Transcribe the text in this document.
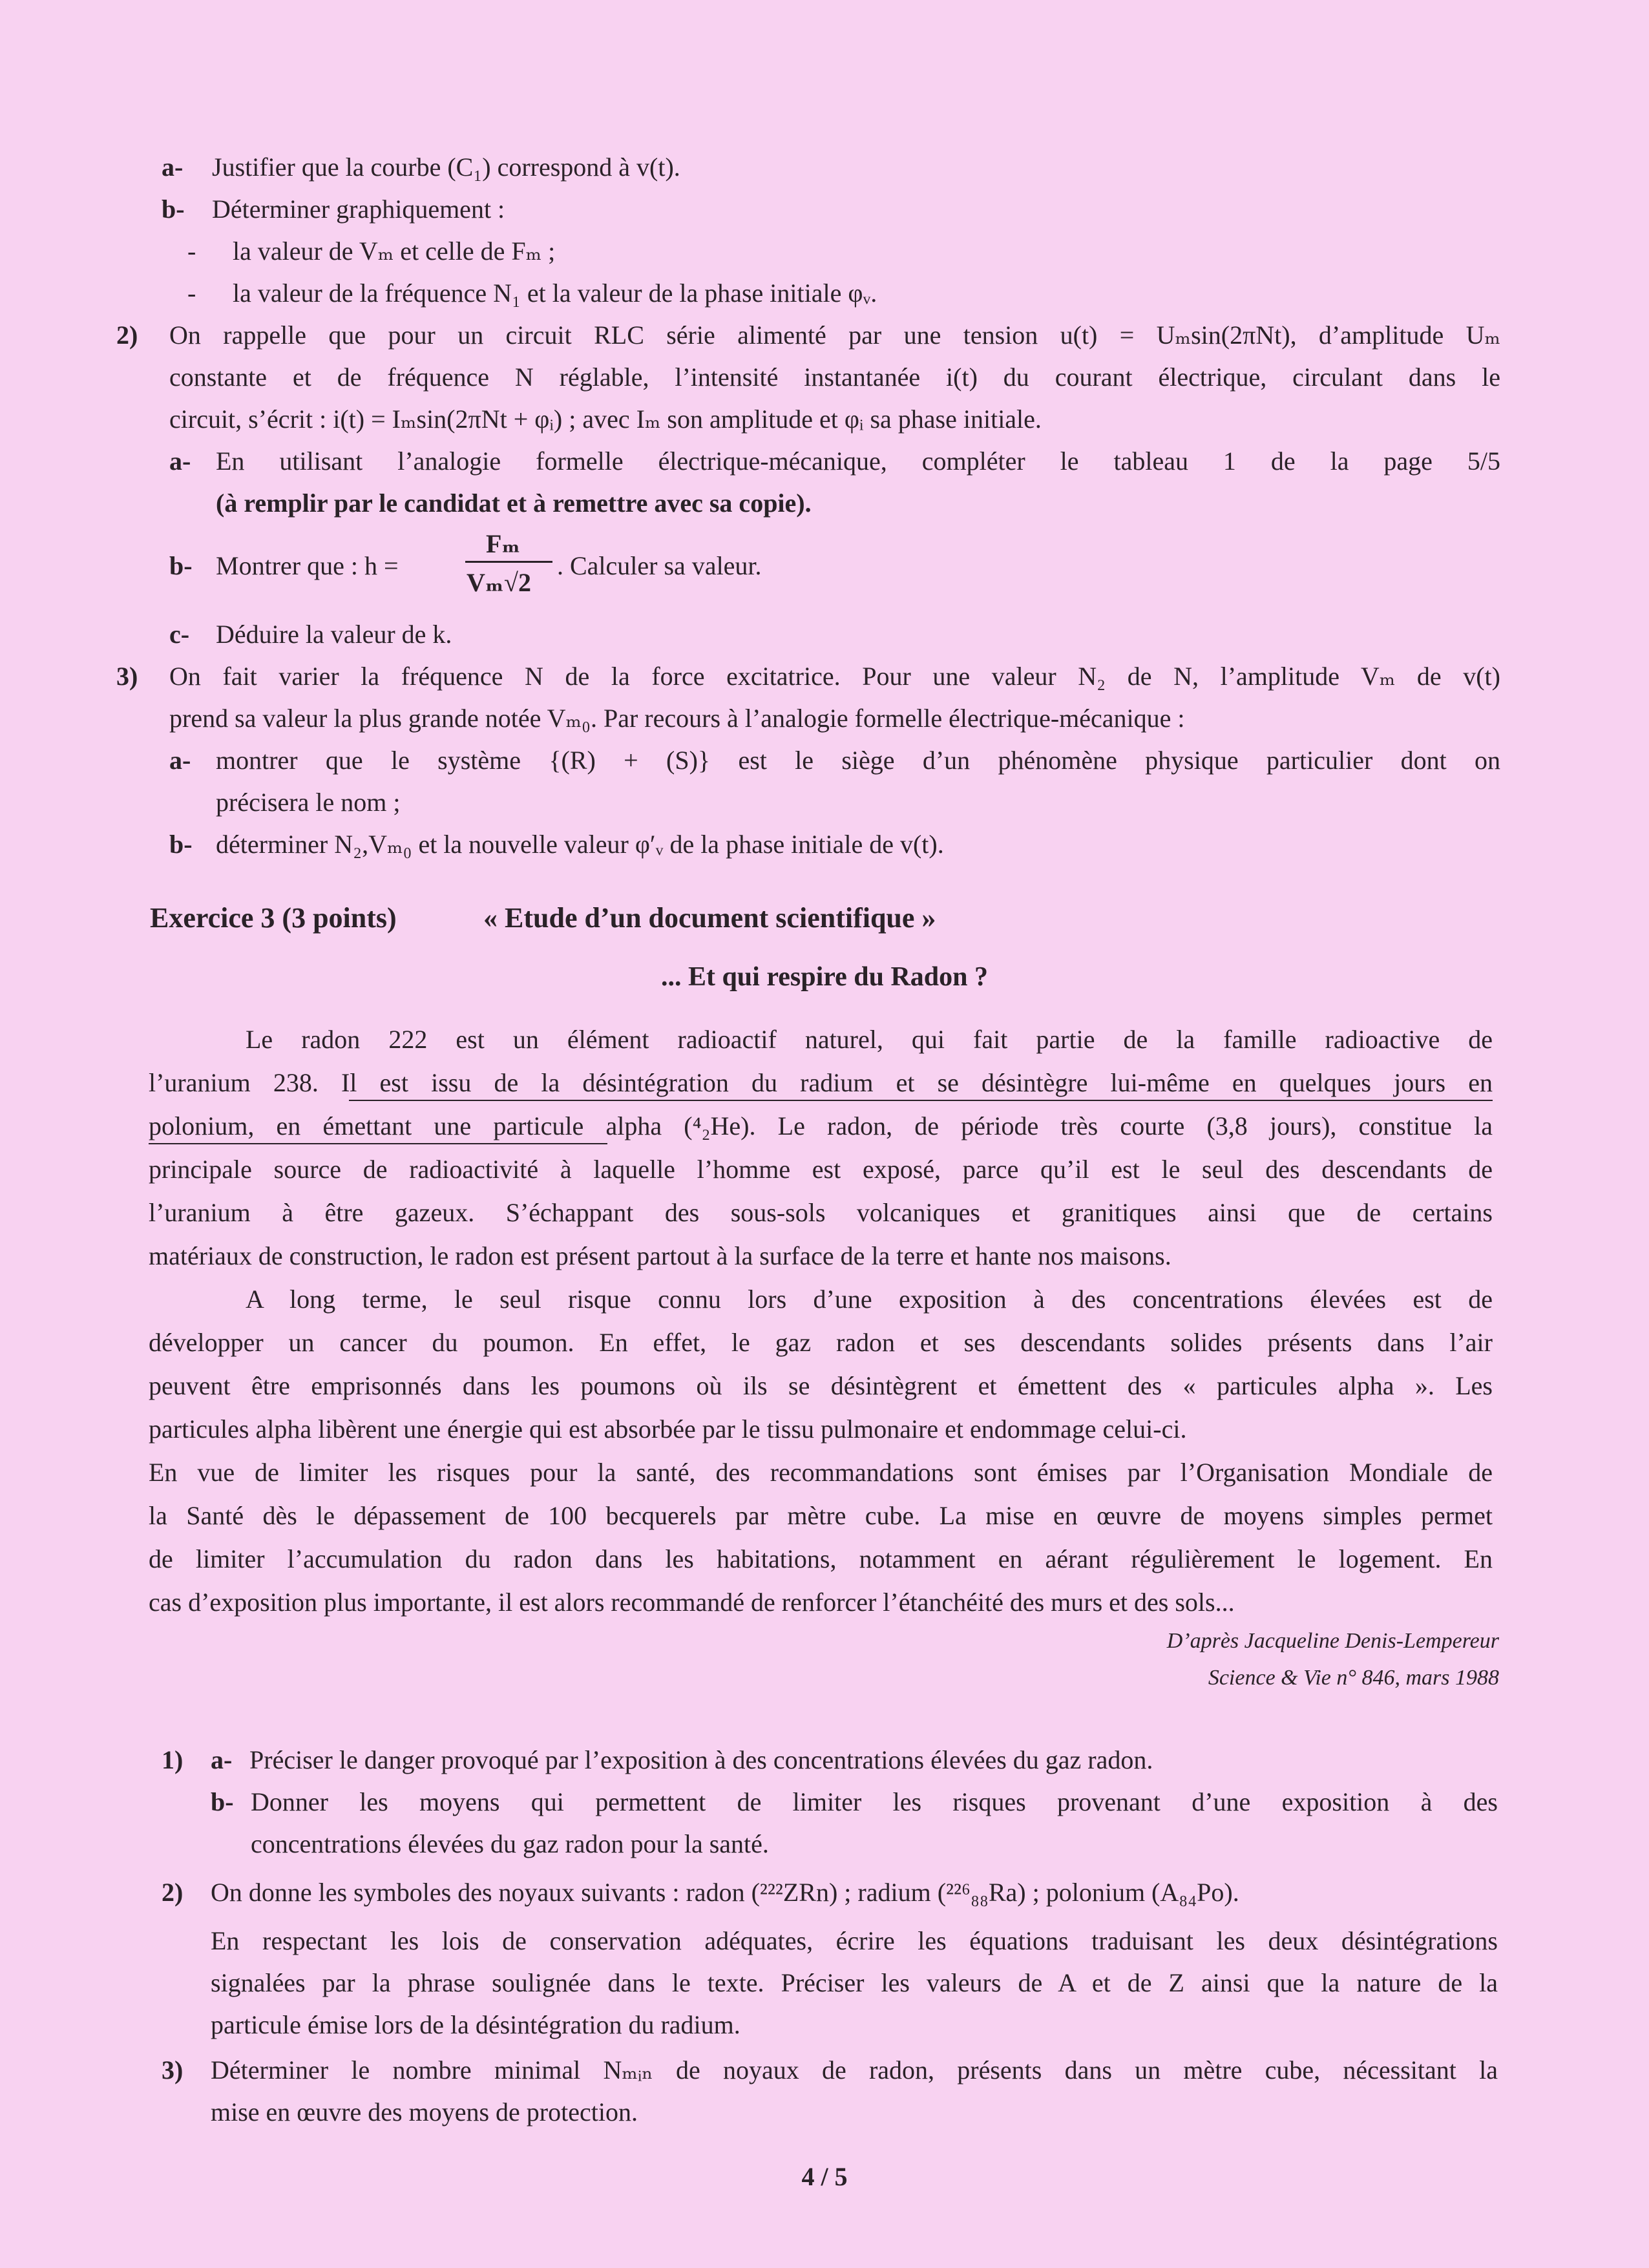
a- Justifier que la courbe (C₁) correspond à v(t).
b- Déterminer graphiquement :
- la valeur de Vₘ et celle de Fₘ ;
- la valeur de la fréquence N₁ et la valeur de la phase initiale φᵥ.
2) On rappelle que pour un circuit RLC série alimenté par une tension u(t) = Uₘsin(2πNt), d’amplitude Uₘ
constante et de fréquence N réglable, l’intensité instantanée i(t) du courant électrique, circulant dans le
circuit, s’écrit : i(t) = Iₘsin(2πNt + φᵢ) ; avec Iₘ son amplitude et φᵢ sa phase initiale.
a- En utilisant l’analogie formelle électrique-mécanique, compléter le tableau 1 de la page 5/5
(à remplir par le candidat et à remettre avec sa copie).
b- Montrer que : h =
Fₘ
Vₘ√2
. Calculer sa valeur.
c- Déduire la valeur de k.
3) On fait varier la fréquence N de la force excitatrice. Pour une valeur N₂ de N, l’amplitude Vₘ de v(t)
prend sa valeur la plus grande notée Vₘ₀. Par recours à l’analogie formelle électrique-mécanique :
a- montrer que le système {(R) + (S)} est le siège d’un phénomène physique particulier dont on
précisera le nom ;
b- déterminer N₂,Vₘ₀ et la nouvelle valeur φ′ᵥ de la phase initiale de v(t).
Exercice 3 (3 points)	« Etude d’un document scientifique »
... Et qui respire du Radon ?
Le radon 222 est un élément radioactif naturel, qui fait partie de la famille radioactive de
l’uranium 238. Il est issu de la désintégration du radium et se désintègre lui-même en quelques jours en
polonium, en émettant une particule alpha (⁴₂He). Le radon, de période très courte (3,8 jours), constitue la
principale source de radioactivité à laquelle l’homme est exposé, parce qu’il est le seul des descendants de
l’uranium à être gazeux. S’échappant des sous-sols volcaniques et granitiques ainsi que de certains
matériaux de construction, le radon est présent partout à la surface de la terre et hante nos maisons.
A long terme, le seul risque connu lors d’une exposition à des concentrations élevées est de
développer un cancer du poumon. En effet, le gaz radon et ses descendants solides présents dans l’air
peuvent être emprisonnés dans les poumons où ils se désintègrent et émettent des « particules alpha ». Les
particules alpha libèrent une énergie qui est absorbée par le tissu pulmonaire et endommage celui-ci.
En vue de limiter les risques pour la santé, des recommandations sont émises par l’Organisation Mondiale de
la Santé dès le dépassement de 100 becquerels par mètre cube. La mise en œuvre de moyens simples permet
de limiter l’accumulation du radon dans les habitations, notamment en aérant régulièrement le logement. En
cas d’exposition plus importante, il est alors recommandé de renforcer l’étanchéité des murs et des sols...
D’après Jacqueline Denis-Lempereur
Science & Vie n° 846, mars 1988
1) a- Préciser le danger provoqué par l’exposition à des concentrations élevées du gaz radon.
b- Donner les moyens qui permettent de limiter les risques provenant d’une exposition à des
concentrations élevées du gaz radon pour la santé.
2) On donne les symboles des noyaux suivants : radon (²²²ZRn) ; radium (²²⁶₈₈Ra) ; polonium (A₈₄Po).
En respectant les lois de conservation adéquates, écrire les équations traduisant les deux désintégrations
signalées par la phrase soulignée dans le texte. Préciser les valeurs de A et de Z ainsi que la nature de la
particule émise lors de la désintégration du radium.
3) Déterminer le nombre minimal Nₘᵢₙ de noyaux de radon, présents dans un mètre cube, nécessitant la
mise en œuvre des moyens de protection.
4 / 5
